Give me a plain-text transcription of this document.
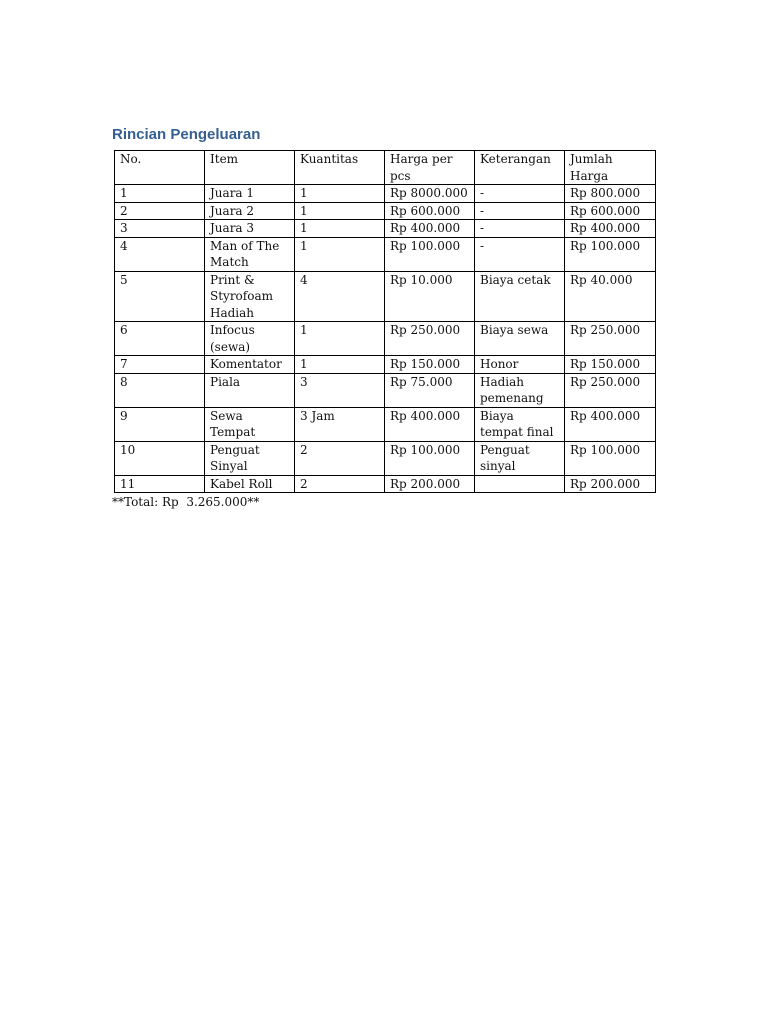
Rincian Pengeluaran
No.	Item	Kuantitas	Harga per pcs	Keterangan	Jumlah Harga
1	Juara 1	1	Rp 8000.000	-	Rp 800.000
2	Juara 2	1	Rp 600.000	-	Rp 600.000
3	Juara 3	1	Rp 400.000	-	Rp 400.000
4	Man of The Match	1	Rp 100.000	-	Rp 100.000
5	Print & Styrofoam Hadiah	4	Rp 10.000	Biaya cetak	Rp 40.000
6	Infocus (sewa)	1	Rp 250.000	Biaya sewa	Rp 250.000
7	Komentator	1	Rp 150.000	Honor	Rp 150.000
8	Piala	3	Rp 75.000	Hadiah pemenang	Rp 250.000
9	Sewa Tempat	3 Jam	Rp 400.000	Biaya tempat final	Rp 400.000
10	Penguat Sinyal	2	Rp 100.000	Penguat sinyal	Rp 100.000
11	Kabel Roll	2	Rp 200.000		Rp 200.000

**Total: Rp  3.265.000**
